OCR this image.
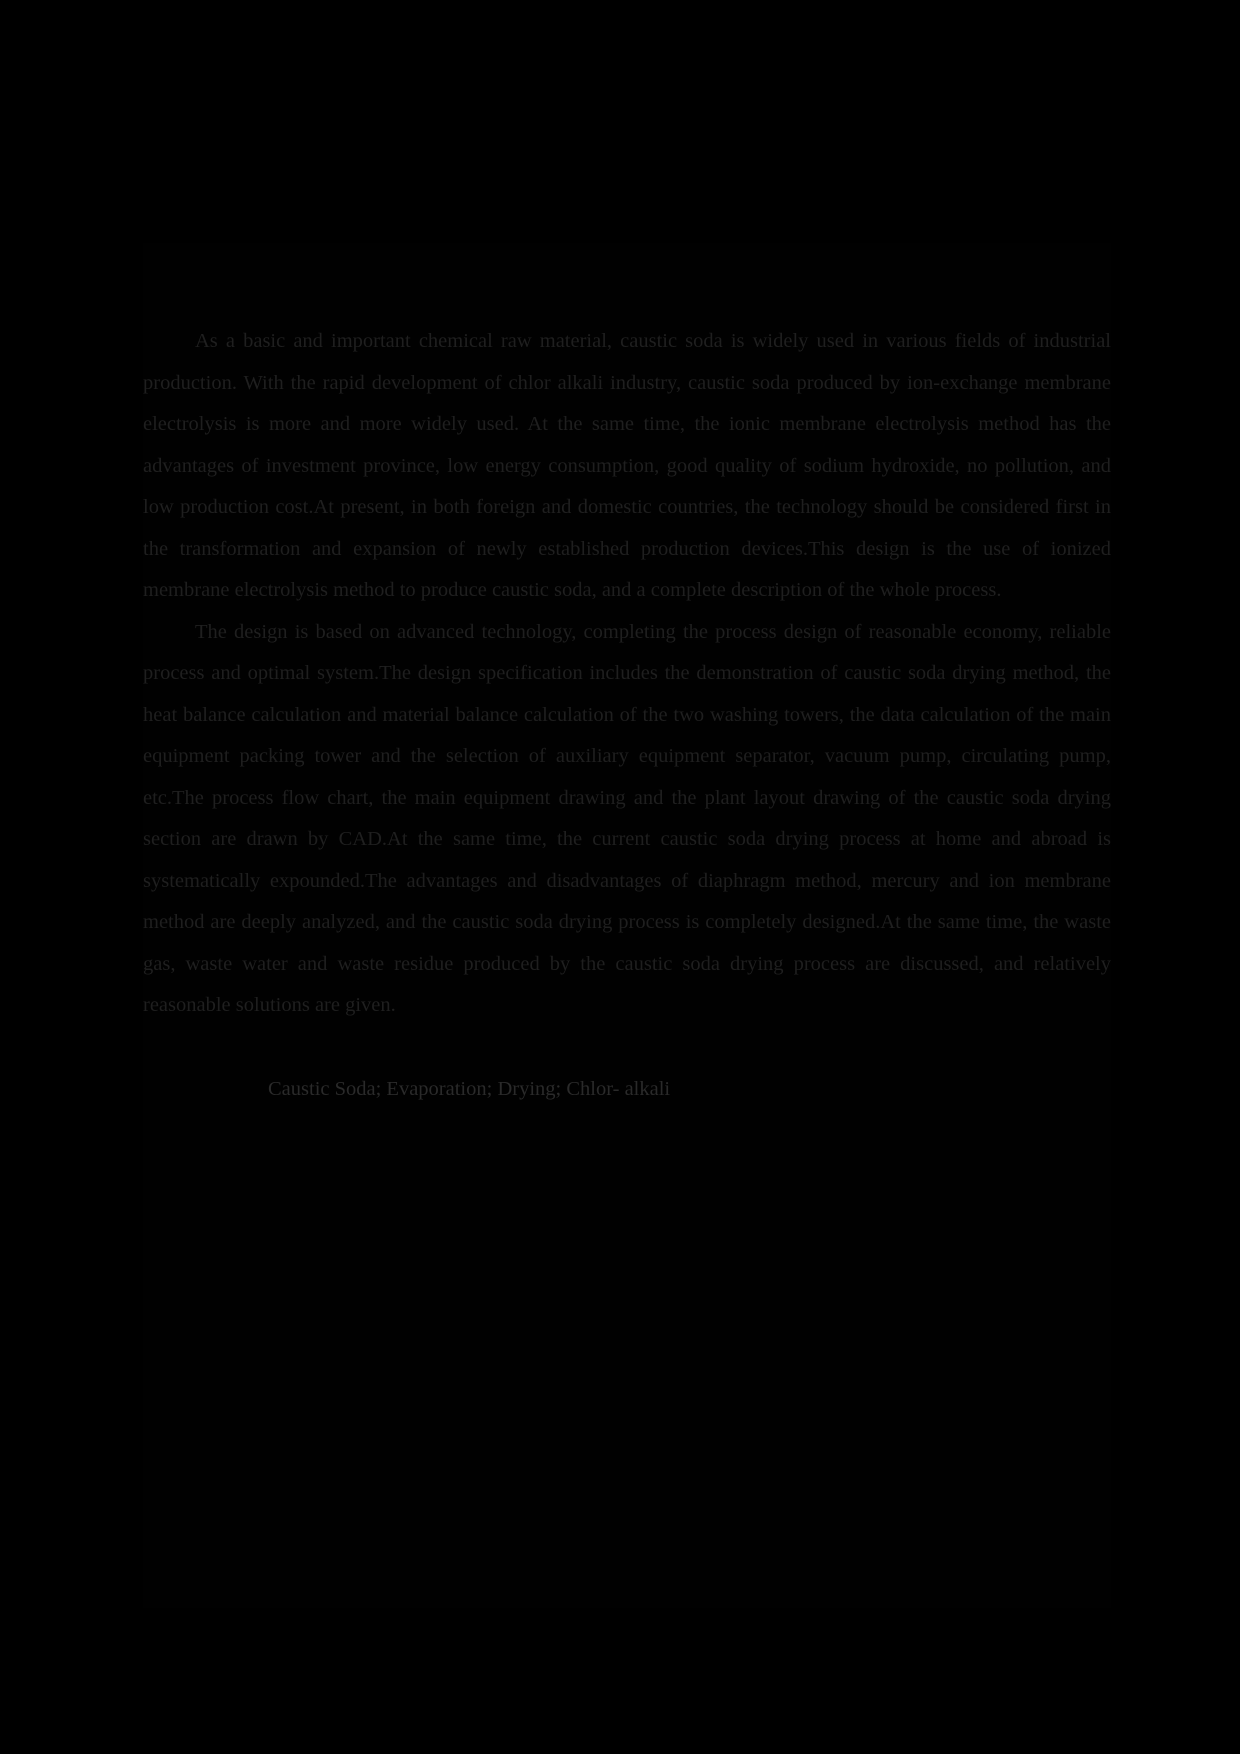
As a basic and important chemical raw material, caustic soda is widely used in various fields of industrial production. With the rapid development of chlor alkali industry, caustic soda produced by ion-exchange membrane electrolysis is more and more widely used. At the same time, the ionic membrane electrolysis method has the advantages of investment province, low energy consumption, good quality of sodium hydroxide, no pollution, and low production cost.At present, in both foreign and domestic countries, the technology should be considered first in the transformation and expansion of newly established production devices.This design is the use of ionized membrane electrolysis method to produce caustic soda, and a complete description of the whole process.

The design is based on advanced technology, completing the process design of reasonable economy, reliable process and optimal system.The design specification includes the demonstration of caustic soda drying method, the heat balance calculation and material balance calculation of the two washing towers, the data calculation of the main equipment packing tower and the selection of auxiliary equipment separator, vacuum pump, circulating pump, etc.The process flow chart, the main equipment drawing and the plant layout drawing of the caustic soda drying section are drawn by CAD.At the same time, the current caustic soda drying process at home and abroad is systematically expounded.The advantages and disadvantages of diaphragm method, mercury and ion membrane method are deeply analyzed, and the caustic soda drying process is completely designed.At the same time, the waste gas, waste water and waste residue produced by the caustic soda drying process are discussed, and relatively reasonable solutions are given.

Caustic Soda; Evaporation; Drying; Chlor- alkali
